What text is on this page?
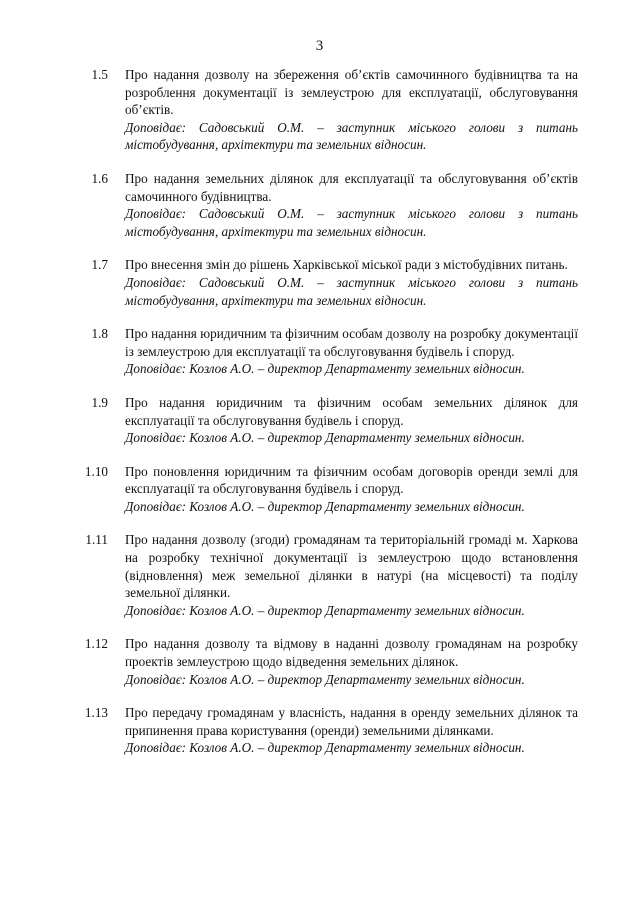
3
1.5 Про надання дозволу на збереження об’єктів самочинного будівництва та на розроблення документації із землеустрою для експлуатації, обслуговування об’єктів.
Доповідає: Садовський О.М. – заступник міського голови з питань містобудування, архітектури та земельних відносин.
1.6 Про надання земельних ділянок для експлуатації та обслуговування об’єктів самочинного будівництва.
Доповідає: Садовський О.М. – заступник міського голови з питань містобудування, архітектури та земельних відносин.
1.7 Про внесення змін до рішень Харківської міської ради з містобудівних питань.
Доповідає: Садовський О.М. – заступник міського голови з питань містобудування, архітектури та земельних відносин.
1.8 Про надання юридичним та фізичним особам дозволу на розробку документації із землеустрою для експлуатації та обслуговування будівель і споруд.
Доповідає: Козлов А.О. – директор Департаменту земельних відносин.
1.9 Про надання юридичним та фізичним особам земельних ділянок для експлуатації та обслуговування будівель і споруд.
Доповідає: Козлов А.О. – директор Департаменту земельних відносин.
1.10 Про поновлення юридичним та фізичним особам договорів оренди землі для експлуатації та обслуговування будівель і споруд.
Доповідає: Козлов А.О. – директор Департаменту земельних відносин.
1.11 Про надання дозволу (згоди) громадянам та територіальній громаді м. Харкова на розробку технічної документації із землеустрою щодо встановлення (відновлення) меж земельної ділянки в натурі (на місцевості) та поділу земельної ділянки.
Доповідає: Козлов А.О. – директор Департаменту земельних відносин.
1.12 Про надання дозволу та відмову в наданні дозволу громадянам на розробку проектів землеустрою щодо відведення земельних ділянок.
Доповідає: Козлов А.О. – директор Департаменту земельних відносин.
1.13 Про передачу громадянам у власність, надання в оренду земельних ділянок та припинення права користування (оренди) земельними ділянками.
Доповідає: Козлов А.О. – директор Департаменту земельних відносин.
